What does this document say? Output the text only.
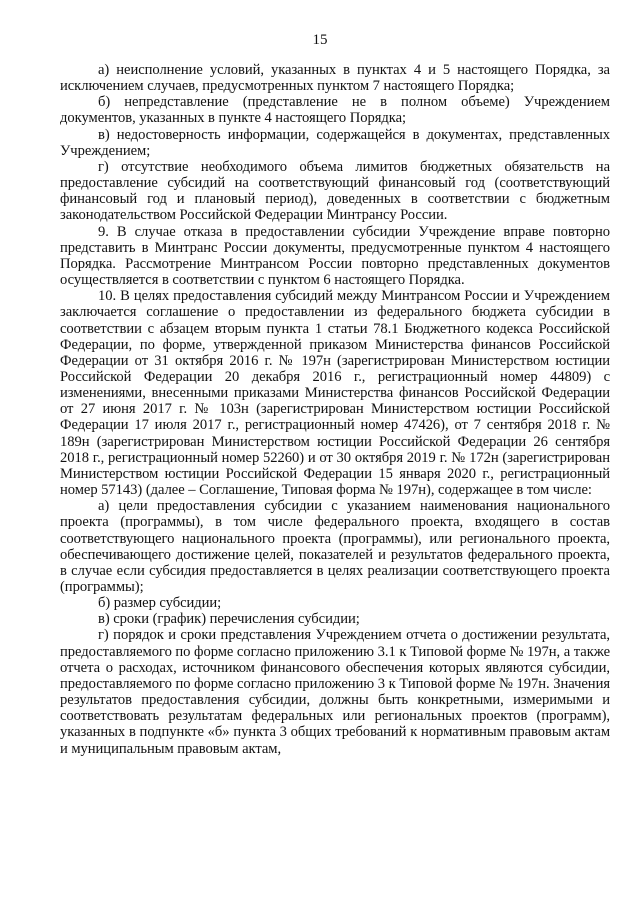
15

а) неисполнение условий, указанных в пунктах 4 и 5 настоящего Порядка, за исключением случаев, предусмотренных пунктом 7 настоящего Порядка;

б) непредставление (представление не в полном объеме) Учреждением документов, указанных в пункте 4 настоящего Порядка;

в) недостоверность информации, содержащейся в документах, представленных Учреждением;

г) отсутствие необходимого объема лимитов бюджетных обязательств на предоставление субсидий на соответствующий финансовый год (соответствующий финансовый год и плановый период), доведенных в соответствии с бюджетным законодательством Российской Федерации Минтрансу России.

9. В случае отказа в предоставлении субсидии Учреждение вправе повторно представить в Минтранс России документы, предусмотренные пунктом 4 настоящего Порядка. Рассмотрение Минтрансом России повторно представленных документов осуществляется в соответствии с пунктом 6 настоящего Порядка.

10. В целях предоставления субсидий между Минтрансом России и Учреждением заключается соглашение о предоставлении из федерального бюджета субсидии в соответствии с абзацем вторым пункта 1 статьи 78.1 Бюджетного кодекса Российской Федерации, по форме, утвержденной приказом Министерства финансов Российской Федерации от 31 октября 2016 г. № 197н (зарегистрирован Министерством юстиции Российской Федерации 20 декабря 2016 г., регистрационный номер 44809) с изменениями, внесенными приказами Министерства финансов Российской Федерации от 27 июня 2017 г. № 103н (зарегистрирован Министерством юстиции Российской Федерации 17 июля 2017 г., регистрационный номер 47426), от 7 сентября 2018 г. № 189н (зарегистрирован Министерством юстиции Российской Федерации 26 сентября 2018 г., регистрационный номер 52260) и от 30 октября 2019 г. № 172н (зарегистрирован Министерством юстиции Российской Федерации 15 января 2020 г., регистрационный номер 57143) (далее – Соглашение, Типовая форма № 197н), содержащее в том числе:

а) цели предоставления субсидии с указанием наименования национального проекта (программы), в том числе федерального проекта, входящего в состав соответствующего национального проекта (программы), или регионального проекта, обеспечивающего достижение целей, показателей и результатов федерального проекта, в случае если субсидия предоставляется в целях реализации соответствующего проекта (программы);

б) размер субсидии;

в) сроки (график) перечисления субсидии;

г) порядок и сроки представления Учреждением отчета о достижении результата, предоставляемого по форме согласно приложению 3.1 к Типовой форме № 197н, а также отчета о расходах, источником финансового обеспечения которых являются субсидии, предоставляемого по форме согласно приложению 3 к Типовой форме № 197н. Значения результатов предоставления субсидии, должны быть конкретными, измеримыми и соответствовать результатам федеральных или региональных проектов (программ), указанных в подпункте «б» пункта 3 общих требований к нормативным правовым актам и муниципальным правовым актам,
